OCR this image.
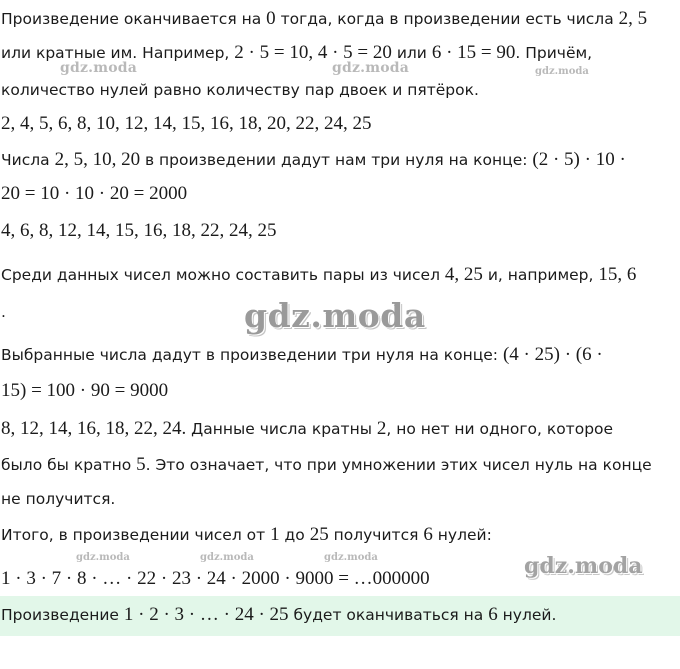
Произведение оканчивается на 0 тогда, когда в произведении есть числа 2, 5
или кратные им. Например, 2 · 5 = 10, 4 · 5 = 20 или 6 · 15 = 90. Причём,
количество нулей равно количеству пар двоек и пятёрок.
2, 4, 5, 6, 8, 10, 12, 14, 15, 16, 18, 20, 22, 24, 25
Числа 2, 5, 10, 20 в произведении дадут нам три нуля на конце: (2 · 5) · 10 ·
20 = 10 · 10 · 20 = 2000
4, 6, 8, 12, 14, 15, 16, 18, 22, 24, 25
Среди данных чисел можно составить пары из чисел 4, 25 и, например, 15, 6
.
Выбранные числа дадут в произведении три нуля на конце: (4 · 25) · (6 ·
15) = 100 · 90 = 9000
8, 12, 14, 16, 18, 22, 24. Данные числа кратны 2, но нет ни одного, которое
было бы кратно 5. Это означает, что при умножении этих чисел нуль на конце
не получится.
Итого, в произведении чисел от 1 до 25 получится 6 нулей:
1 · 3 · 7 · 8 · … · 22 · 23 · 24 · 2000 · 9000 = …000000
Произведение 1 · 2 · 3 · … · 24 · 25 будет оканчиваться на 6 нулей.
gdz.moda	gdz.moda	gdz.moda
gdz.moda
gdz.moda	gdz.moda	gdz.moda	gdz.moda
